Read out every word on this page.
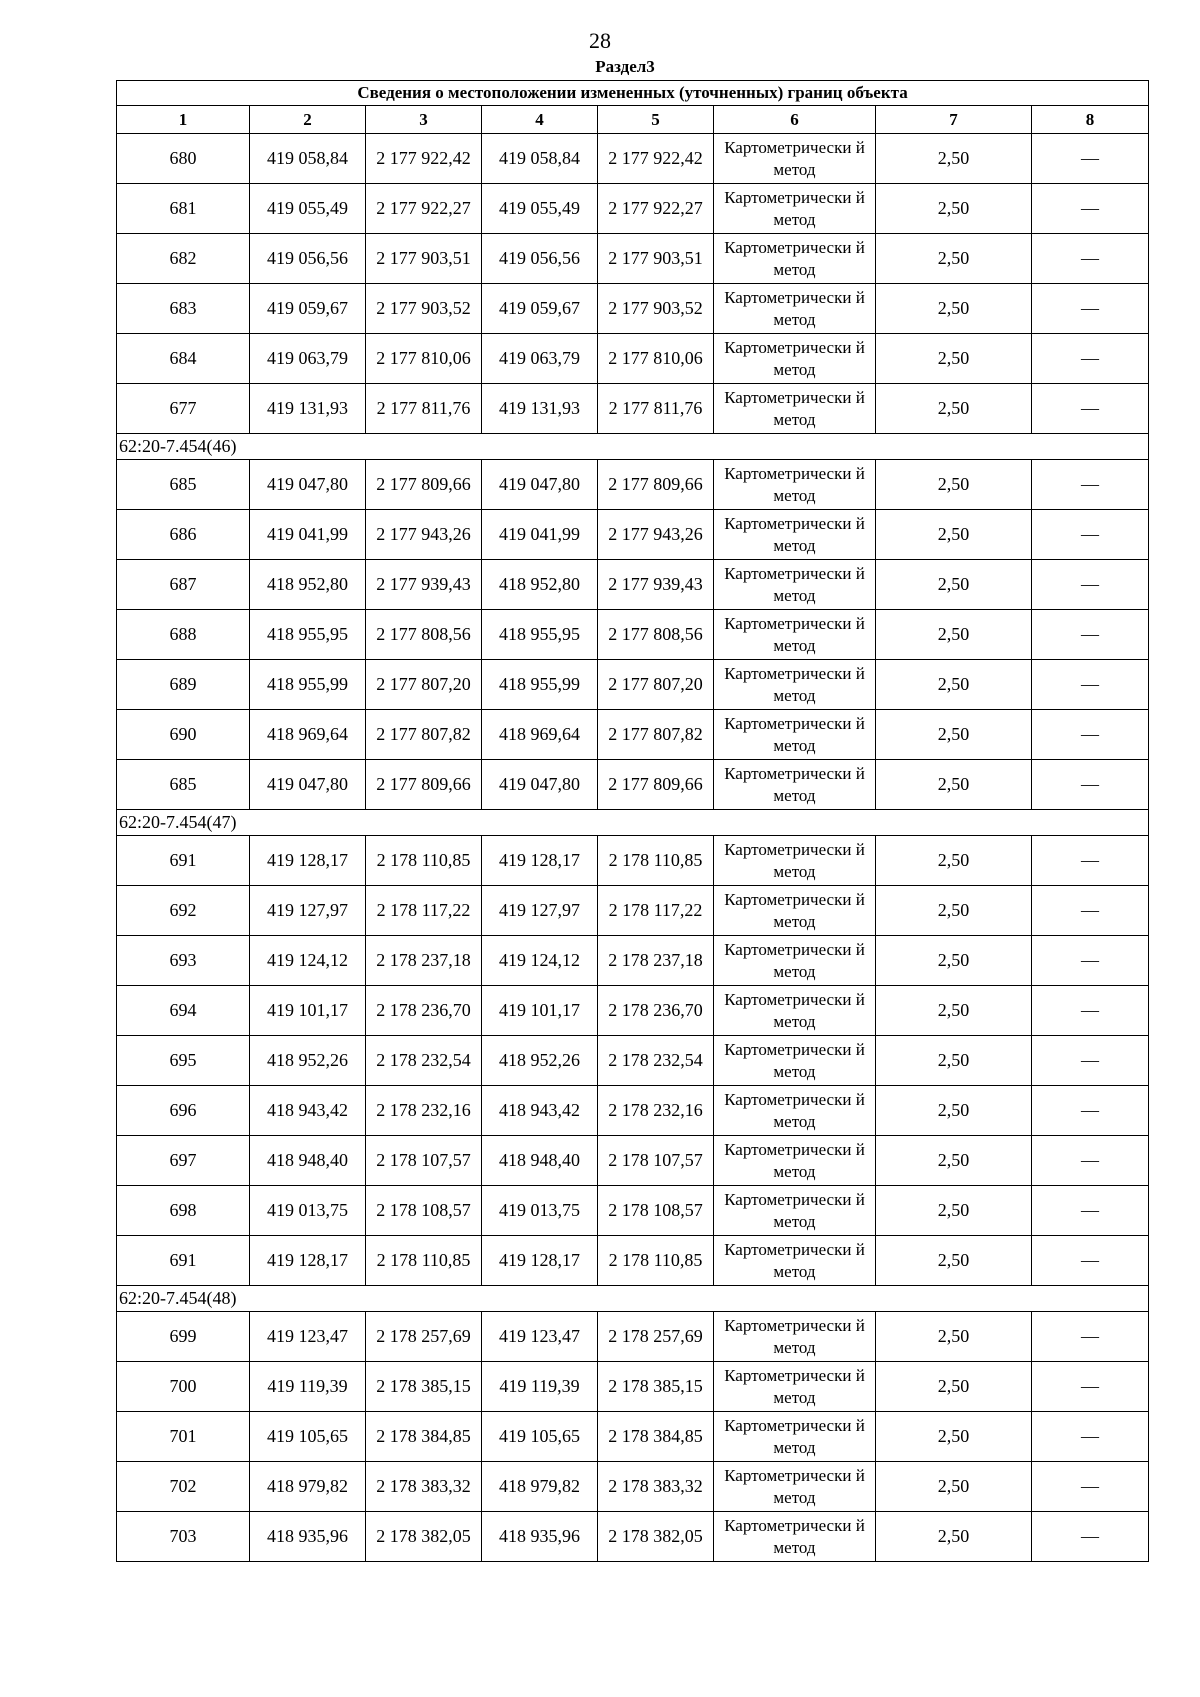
28
Раздел3
Сведения о местоположении измененных (уточненных) границ объекта							
1	2	3	4	5	6	7	8
680	419 058,84	2 177 922,42	419 058,84	2 177 922,42	Картометрически й метод	2,50	—
681	419 055,49	2 177 922,27	419 055,49	2 177 922,27	Картометрически й метод	2,50	—
682	419 056,56	2 177 903,51	419 056,56	2 177 903,51	Картометрически й метод	2,50	—
683	419 059,67	2 177 903,52	419 059,67	2 177 903,52	Картометрически й метод	2,50	—
684	419 063,79	2 177 810,06	419 063,79	2 177 810,06	Картометрически й метод	2,50	—
677	419 131,93	2 177 811,76	419 131,93	2 177 811,76	Картометрически й метод	2,50	—
62:20-7.454(46)							
685	419 047,80	2 177 809,66	419 047,80	2 177 809,66	Картометрически й метод	2,50	—
686	419 041,99	2 177 943,26	419 041,99	2 177 943,26	Картометрически й метод	2,50	—
687	418 952,80	2 177 939,43	418 952,80	2 177 939,43	Картометрически й метод	2,50	—
688	418 955,95	2 177 808,56	418 955,95	2 177 808,56	Картометрически й метод	2,50	—
689	418 955,99	2 177 807,20	418 955,99	2 177 807,20	Картометрически й метод	2,50	—
690	418 969,64	2 177 807,82	418 969,64	2 177 807,82	Картометрически й метод	2,50	—
685	419 047,80	2 177 809,66	419 047,80	2 177 809,66	Картометрически й метод	2,50	—
62:20-7.454(47)							
691	419 128,17	2 178 110,85	419 128,17	2 178 110,85	Картометрически й метод	2,50	—
692	419 127,97	2 178 117,22	419 127,97	2 178 117,22	Картометрически й метод	2,50	—
693	419 124,12	2 178 237,18	419 124,12	2 178 237,18	Картометрически й метод	2,50	—
694	419 101,17	2 178 236,70	419 101,17	2 178 236,70	Картометрически й метод	2,50	—
695	418 952,26	2 178 232,54	418 952,26	2 178 232,54	Картометрически й метод	2,50	—
696	418 943,42	2 178 232,16	418 943,42	2 178 232,16	Картометрически й метод	2,50	—
697	418 948,40	2 178 107,57	418 948,40	2 178 107,57	Картометрически й метод	2,50	—
698	419 013,75	2 178 108,57	419 013,75	2 178 108,57	Картометрически й метод	2,50	—
691	419 128,17	2 178 110,85	419 128,17	2 178 110,85	Картометрически й метод	2,50	—
62:20-7.454(48)							
699	419 123,47	2 178 257,69	419 123,47	2 178 257,69	Картометрически й метод	2,50	—
700	419 119,39	2 178 385,15	419 119,39	2 178 385,15	Картометрически й метод	2,50	—
701	419 105,65	2 178 384,85	419 105,65	2 178 384,85	Картометрически й метод	2,50	—
702	418 979,82	2 178 383,32	418 979,82	2 178 383,32	Картометрически й метод	2,50	—
703	418 935,96	2 178 382,05	418 935,96	2 178 382,05	Картометрически й метод	2,50	—
